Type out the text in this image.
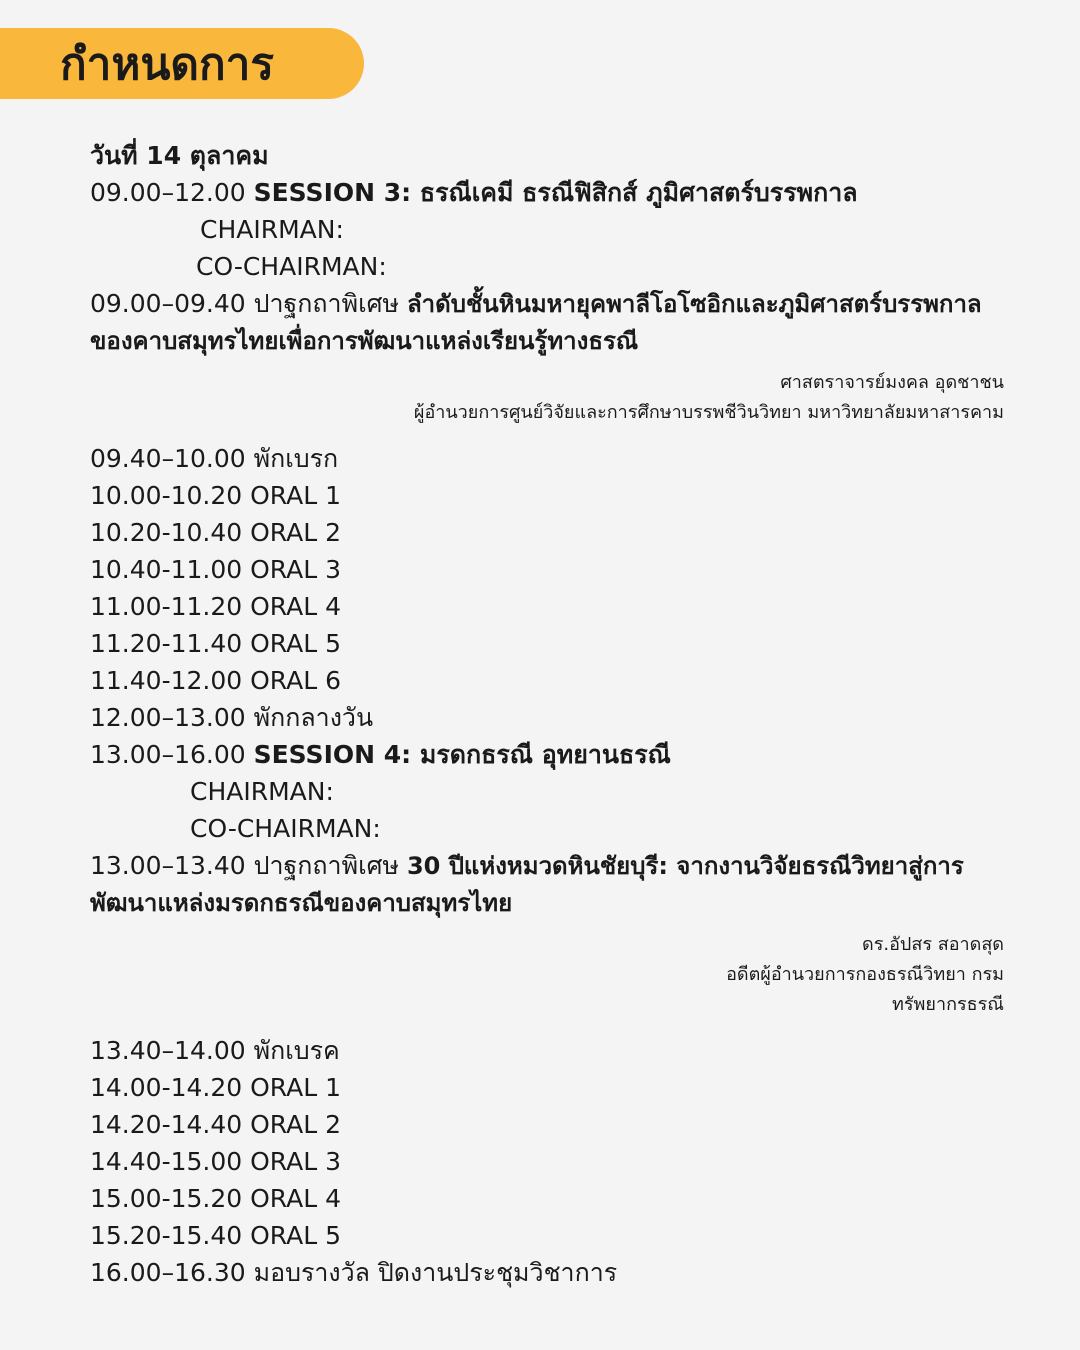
กำหนดการ
วันที่ 14 ตุลาคม
09.00–12.00 SESSION 3: ธรณีเคมี ธรณีฟิสิกส์ ภูมิศาสตร์บรรพกาล
CHAIRMAN:
CO-CHAIRMAN:
09.00–09.40 ปาฐกถาพิเศษ ลำดับชั้นหินมหายุคพาลีโอโซอิกและภูมิศาสตร์บรรพกาล
ของคาบสมุทรไทยเพื่อการพัฒนาแหล่งเรียนรู้ทางธรณี
ศาสตราจารย์มงคล อุดชาชน
ผู้อำนวยการศูนย์วิจัยและการศึกษาบรรพชีวินวิทยา มหาวิทยาลัยมหาสารคาม
09.40–10.00 พักเบรก
10.00-10.20 ORAL 1
10.20-10.40 ORAL 2
10.40-11.00 ORAL 3
11.00-11.20 ORAL 4
11.20-11.40 ORAL 5
11.40-12.00 ORAL 6
12.00–13.00 พักกลางวัน
13.00–16.00 SESSION 4: มรดกธรณี อุทยานธรณี
CHAIRMAN:
CO-CHAIRMAN:
13.00–13.40 ปาฐกถาพิเศษ 30 ปีแห่งหมวดหินชัยบุรี: จากงานวิจัยธรณีวิทยาสู่การ
พัฒนาแหล่งมรดกธรณีของคาบสมุทรไทย
ดร.อัปสร สอาดสุด
อดีตผู้อำนวยการกองธรณีวิทยา กรม
ทรัพยากรธรณี
13.40–14.00 พักเบรค
14.00-14.20 ORAL 1
14.20-14.40 ORAL 2
14.40-15.00 ORAL 3
15.00-15.20 ORAL 4
15.20-15.40 ORAL 5
16.00–16.30 มอบรางวัล ปิดงานประชุมวิชาการ
